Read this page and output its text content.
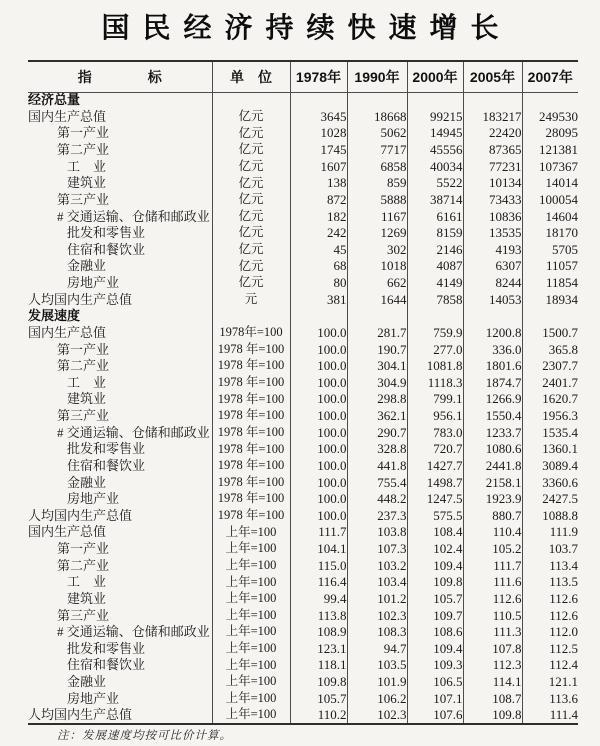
国民经济持续快速增长
指　　　　标	单　位	1978年	1990年	2000年	2005年	2007年
经济总量						
国内生产总值	亿元	3645	18668	99215	183217	249530
第一产业	亿元	1028	5062	14945	22420	28095
第二产业	亿元	1745	7717	45556	87365	121381
工　业	亿元	1607	6858	40034	77231	107367
建筑业	亿元	138	859	5522	10134	14014
第三产业	亿元	872	5888	38714	73433	100054
# 交通运输、仓储和邮政业	亿元	182	1167	6161	10836	14604
批发和零售业	亿元	242	1269	8159	13535	18170
住宿和餐饮业	亿元	45	302	2146	4193	5705
金融业	亿元	68	1018	4087	6307	11057
房地产业	亿元	80	662	4149	8244	11854
人均国内生产总值	元	381	1644	7858	14053	18934
发展速度						
国内生产总值	1978年=100	100.0	281.7	759.9	1200.8	1500.7
第一产业	1978 年=100	100.0	190.7	277.0	336.0	365.8
第二产业	1978 年=100	100.0	304.1	1081.8	1801.6	2307.7
工　业	1978 年=100	100.0	304.9	1118.3	1874.7	2401.7
建筑业	1978 年=100	100.0	298.8	799.1	1266.9	1620.7
第三产业	1978 年=100	100.0	362.1	956.1	1550.4	1956.3
# 交通运输、仓储和邮政业	1978 年=100	100.0	290.7	783.0	1233.7	1535.4
批发和零售业	1978 年=100	100.0	328.8	720.7	1080.6	1360.1
住宿和餐饮业	1978 年=100	100.0	441.8	1427.7	2441.8	3089.4
金融业	1978 年=100	100.0	755.4	1498.7	2158.1	3360.6
房地产业	1978 年=100	100.0	448.2	1247.5	1923.9	2427.5
人均国内生产总值	1978 年=100	100.0	237.3	575.5	880.7	1088.8
国内生产总值	上年=100	111.7	103.8	108.4	110.4	111.9
第一产业	上年=100	104.1	107.3	102.4	105.2	103.7
第二产业	上年=100	115.0	103.2	109.4	111.7	113.4
工　业	上年=100	116.4	103.4	109.8	111.6	113.5
建筑业	上年=100	99.4	101.2	105.7	112.6	112.6
第三产业	上年=100	113.8	102.3	109.7	110.5	112.6
# 交通运输、仓储和邮政业	上年=100	108.9	108.3	108.6	111.3	112.0
批发和零售业	上年=100	123.1	94.7	109.4	107.8	112.5
住宿和餐饮业	上年=100	118.1	103.5	109.3	112.3	112.4
金融业	上年=100	109.8	101.9	106.5	114.1	121.1
房地产业	上年=100	105.7	106.2	107.1	108.7	113.6
人均国内生产总值	上年=100	110.2	102.3	107.6	109.8	111.4
注：发展速度均按可比价计算。
